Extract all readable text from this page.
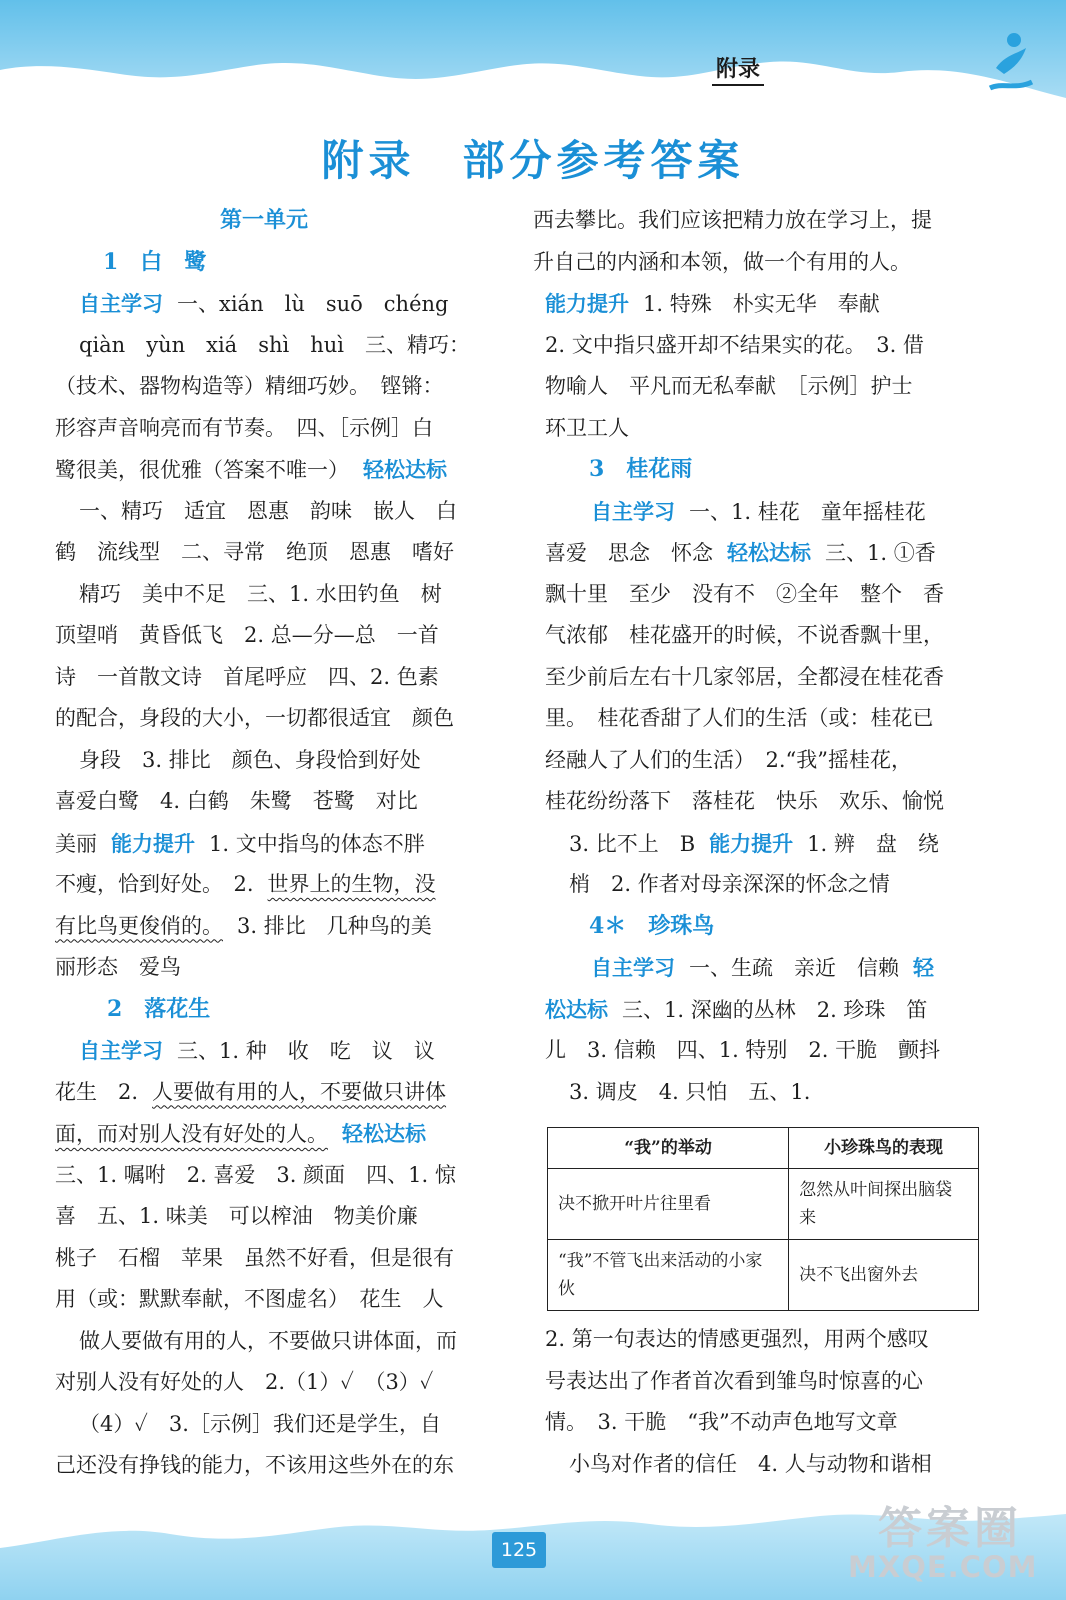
附录
附录　部分参考答案
第一单元
1　白　鹭
自主学习 一、xián　lù　suō　chéng
qiàn　yùn　xiá　shì　huì　三、精巧：
（技术、器物构造等）精细巧妙。　铿锵：
形容声音响亮而有节奏。　四、［示例］白
鹭很美，很优雅（答案不唯一） 轻松达标
一、精巧　适宜　恩惠　韵味　嵌人　白
鹤　流线型　二、寻常　绝顶　恩惠　嗜好
精巧　美中不足　三、1. 水田钓鱼　树
顶望哨　黄昏低飞　2. 总—分—总　一首
诗　一首散文诗　首尾呼应　四、2. 色素
的配合，身段的大小，一切都很适宜　颜色
身段　3. 排比　颜色、身段恰到好处
喜爱白鹭　4. 白鹤　朱鹭　苍鹭　对比
美丽 能力提升 1. 文中指鸟的体态不胖
不瘦，恰到好处。　2. 世界上的生物，没
有比鸟更俊俏的。 3. 排比　几种鸟的美
丽形态　爱鸟
2　落花生
自主学习 三、1. 种　收　吃　议　议
花生　2. 人要做有用的人，不要做只讲体
面，而对别人没有好处的人。 轻松达标
三、1. 嘱咐　2. 喜爱　3. 颜面　四、1. 惊
喜　五、1. 味美　可以榨油　物美价廉
桃子　石榴　苹果　虽然不好看，但是很有
用（或：默默奉献，不图虚名）　花生　人
做人要做有用的人，不要做只讲体面，而
对别人没有好处的人　2.（1）✓　（3）✓
（4）✓　3.［示例］我们还是学生，自
己还没有挣钱的能力，不该用这些外在的东
西去攀比。我们应该把精力放在学习上，提
升自己的内涵和本领，做一个有用的人。
能力提升 1. 特殊　朴实无华　奉献
2. 文中指只盛开却不结果实的花。　3. 借
物喻人　平凡而无私奉献　［示例］护士
环卫工人
3　桂花雨
自主学习 一、1. 桂花　童年摇桂花
喜爱　思念　怀念 轻松达标 三、1. ①香
飘十里　至少　没有不　②全年　整个　香
气浓郁　桂花盛开的时候，不说香飘十里，
至少前后左右十几家邻居，全都浸在桂花香
里。　桂花香甜了人们的生活（或：桂花已
经融人了人们的生活）　2.“我”摇桂花，
桂花纷纷落下　落桂花　快乐　欢乐、愉悦
3. 比不上　B 能力提升 1. 辨　盘　绕
梢　2. 作者对母亲深深的怀念之情
4＊　珍珠鸟
自主学习 一、生疏　亲近　信赖 轻
松达标 三、1. 深幽的丛林　2. 珍珠　笛
儿　3. 信赖　四、1. 特别　2. 干脆　颤抖
3. 调皮　4. 只怕　五、1.
“我”的举动	小珍珠鸟的表现
决不掀开叶片往里看	忽然从叶间探出脑袋来
“我”不管飞出来活动的小家伙	决不飞出窗外去
2. 第一句表达的情感更强烈，用两个感叹
号表达出了作者首次看到雏鸟时惊喜的心
情。　3. 干脆　“我”不动声色地写文章
小鸟对作者的信任　4. 人与动物和谐相
125	答案圈
MXQE.COM
